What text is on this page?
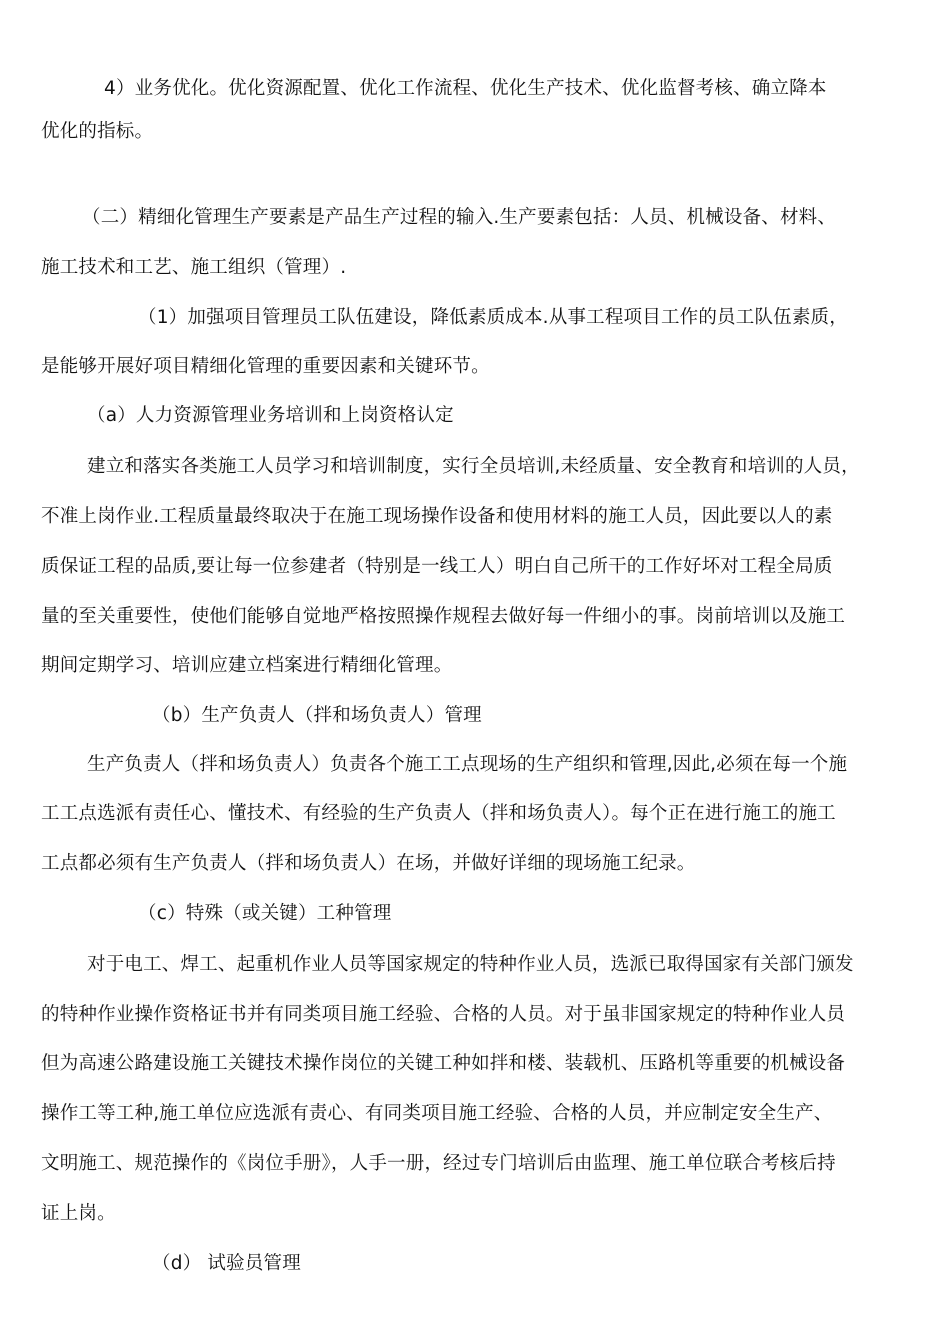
4）业务优化。优化资源配置、优化工作流程、优化生产技术、优化监督考核、确立降本
优化的指标。
（二）精细化管理生产要素是产品生产过程的输入.生产要素包括：人员、机械设备、材料、
施工技术和工艺、施工组织（管理）.
（1）加强项目管理员工队伍建设，降低素质成本.从事工程项目工作的员工队伍素质，
是能够开展好项目精细化管理的重要因素和关键环节。
（a）人力资源管理业务培训和上岗资格认定
建立和落实各类施工人员学习和培训制度，实行全员培训,未经质量、安全教育和培训的人员，
不准上岗作业.工程质量最终取决于在施工现场操作设备和使用材料的施工人员，因此要以人的素
质保证工程的品质,要让每一位参建者（特别是一线工人）明白自己所干的工作好坏对工程全局质
量的至关重要性，使他们能够自觉地严格按照操作规程去做好每一件细小的事。岗前培训以及施工
期间定期学习、培训应建立档案进行精细化管理。
（b）生产负责人（拌和场负责人）管理
生产负责人（拌和场负责人）负责各个施工工点现场的生产组织和管理,因此,必须在每一个施
工工点选派有责任心、懂技术、有经验的生产负责人（拌和场负责人）。每个正在进行施工的施工
工点都必须有生产负责人（拌和场负责人）在场，并做好详细的现场施工纪录。
（c）特殊（或关键）工种管理
对于电工、焊工、起重机作业人员等国家规定的特种作业人员，选派已取得国家有关部门颁发
的特种作业操作资格证书并有同类项目施工经验、合格的人员。对于虽非国家规定的特种作业人员
但为高速公路建设施工关键技术操作岗位的关键工种如拌和楼、装载机、压路机等重要的机械设备
操作工等工种,施工单位应选派有责心、有同类项目施工经验、合格的人员，并应制定安全生产、
文明施工、规范操作的《岗位手册》，人手一册，经过专门培训后由监理、施工单位联合考核后持
证上岗。
（d） 试验员管理
